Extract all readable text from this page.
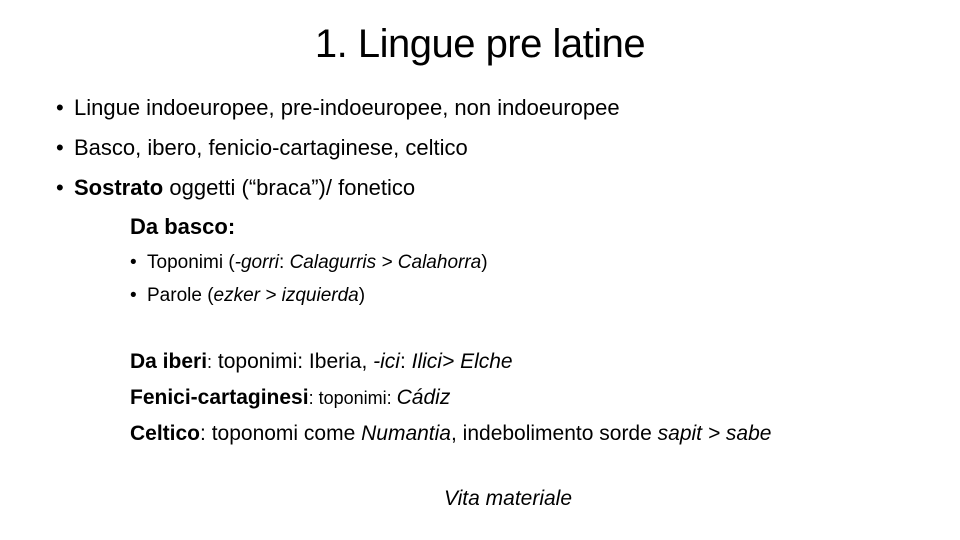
1. Lingue pre latine
• Lingue indoeuropee, pre-indoeuropee, non indoeuropee
• Basco, ibero, fenicio-cartaginese, celtico
• Sostrato oggetti (“braca”)/ fonetico
Da basco:
• Toponimi (-gorri: Calagurris > Calahorra)
• Parole (ezker > izquierda)
Da iberi: toponimi: Iberia, -ici: Ilici> Elche
Fenici-cartaginesi: toponimi: Cádiz
Celtico: toponomi come Numantia, indebolimento sorde sapit > sabe
Vita materiale
